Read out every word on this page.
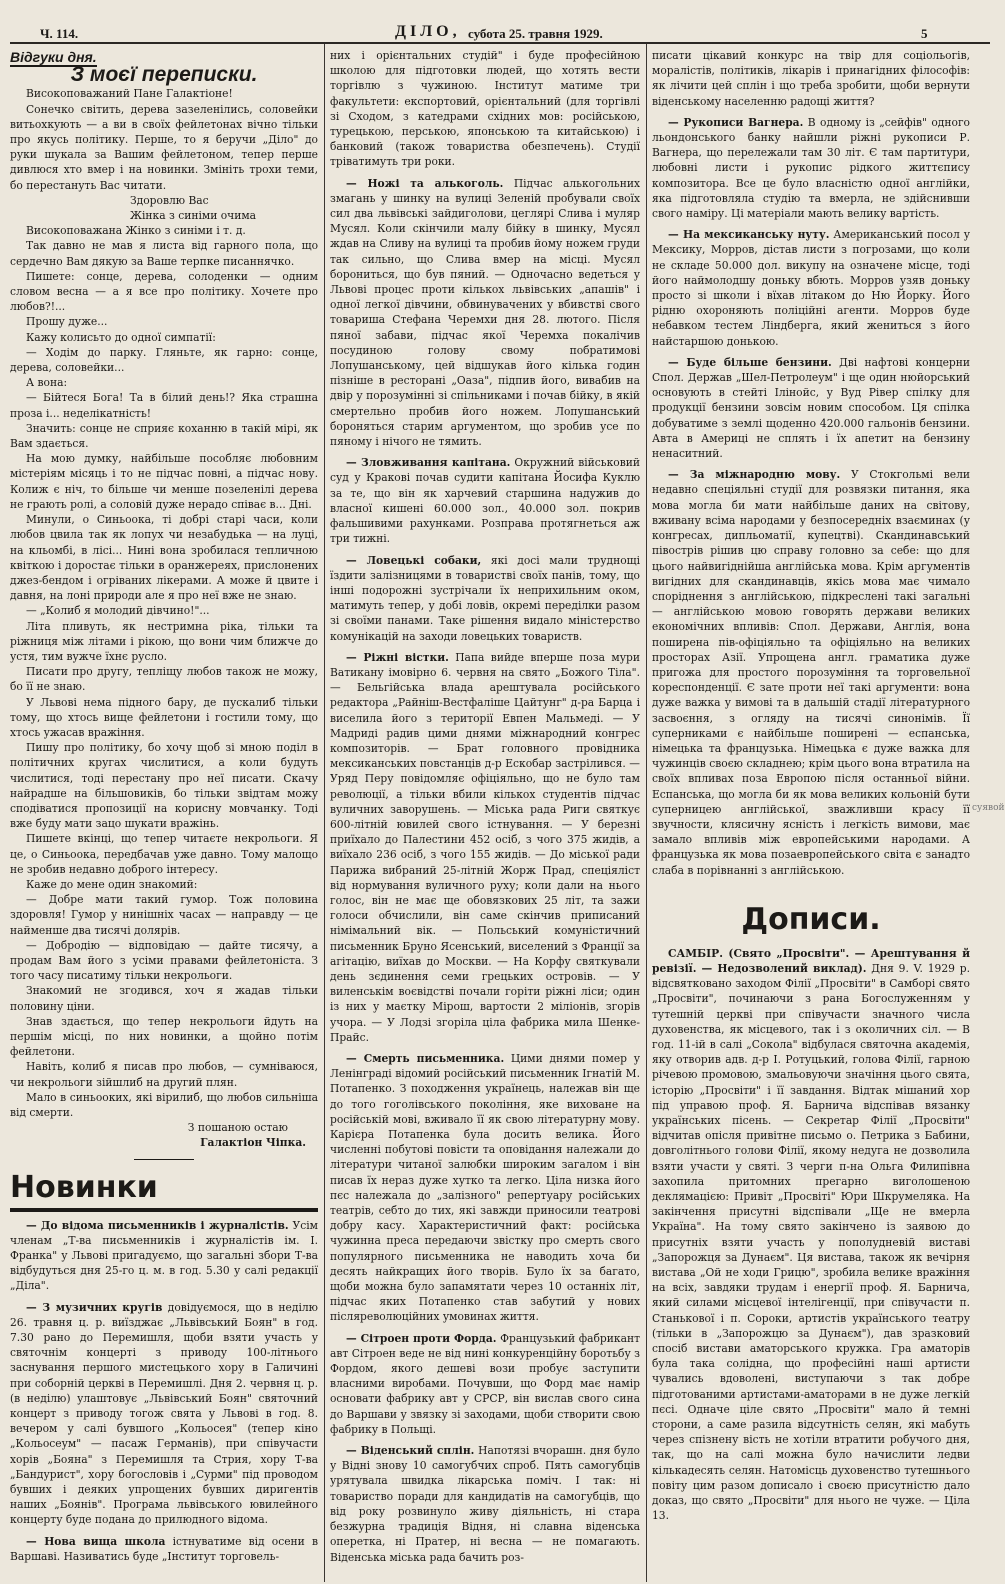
Ч. 114.	ДІЛО, субота 25. травня 1929.	5
Відгуки дня.
З моєї переписки.

Високоповажаний Пане Галактіоне!

Сонечко світить, дерева зазеленілись, соловейки витьохкують — а ви в своїх фейлетонах вічно тільки про якусь політику. Перше, то я беручи „Діло" до руки шукала за Вашим фейлетоном, тепер перше дивлюся хто вмер і на новинки. Змініть трохи теми, бо перестануть Вас читати.

Здоровлю Вас

Жінка з синіми очима

Високоповажана Жінко з синіми і т. д.

Так давно не мав я листа від гарного пола, що сердечно Вам дякую за Ваше терпке писаннячко.

Пишете: сонце, дерева, солоденки — одним словом весна — а я все про політику. Хочете про любов?!...

Прошу дуже...

Кажу колисьто до одної симпатії:

— Ходім до парку. Гляньте, як гарно: сонце, дерева, соловейки...

А вона:

— Бійтеся Бога! Та в білий день!? Яка страшна проза і... неделікатність!

Значить: сонце не сприяє коханню в такій мірі, як Вам здається.

На мою думку, найбільше пособляє любовним містеріям місяць і то не підчас повні, а підчас нову. Колиж є ніч, то більше чи менше позеленілі дерева не грають ролі, а соловій дуже нерадо співає в... Дні.

Минули, о Синьоока, ті добрі старі часи, коли любов цвила так як лопух чи незабудька — на луці, на кльомбі, в лісі... Нині вона зробилася тепличною квіткою і доростає тільки в оранжереях, прислонених джез-бендом і огріваних лікерами. А може й цвите і давня, на лоні природи але я про неї вже не знаю.

— „Колиб я молодий дівчино!"...

Літа пливуть, як нестримна ріка, тільки та ріжниця між літами і рікою, що вони чим ближче до устя, тим вужче їхнє русло.

Писати про другу, тепліщу любов також не можу, бо її не знаю.

У Львові нема підного бару, де пускалиб тільки тому, що хтось вище фейлетони і гостили тому, що хтось ужасав вражіння.

Пишу про політику, бо хочу щоб зі мною поділ в політичних кругах числитися, а коли будуть числитися, тоді перестану про неї писати. Скачу найрадше на більшовиків, бо тільки звідтам можу сподіватися пропозиції на корисну мовчанку. Тоді вже буду мати зацо шукати вражінь.

Пишете вкінці, що тепер читаєте некрольоги. Я це, о Синьоока, передбачав уже давно. Тому малощо не зробив недавно доброго інтересу.

Каже до мене один знакомий:

— Добре мати такий гумор. Тож половина здоровля! Гумор у нинішніх часах — направду — це найменше два тисячі долярів.

— Добродію — відповідаю — дайте тисячу, а продам Вам його з усіми правами фейлетоніста. З того часу писатиму тільки некрольоги.

Знакомий не згодився, хоч я жадав тільки половину ціни.

Знав здається, що тепер некрольоги йдуть на першім місці, по них новинки, а щойно потім фейлетони.

Навіть, колиб я писав про любов, — сумніваюся, чи некрольоги зійшлиб на другий плян.

Мало в синьооких, які вірилиб, що любов сильніша від смерти.

З пошаною остаю

Галактіон Чіпка.

Новинки

— До відома письменників і журналістів. Усім членам „Т-ва письменників і журналістів ім. І. Франка" у Львові пригадуємо, що загальні збори Т-ва відбудуться дня 25-го ц. м. в год. 5.30 у салі редакції „Діла".

— З музичних кругів довідуємося, що в неділю 26. травня ц. р. виїзджає „Львівський Боян" в год. 7.30 рано до Перемишля, щоби взяти участь у святочнім концерті з приводу 100-літнього заснування першого мистецького хору в Галичині при соборній церкві в Перемишлі. Дня 2. червня ц. р. (в неділю) улаштовує „Львівський Боян" святочний концерт з приводу тогож свята у Львові в год. 8. вечером у салі бувшого „Кольосея" (тепер кіно „Кольосеум" — пасаж Германів), при співучасти хорів „Бояна" з Перемишля та Стрия, хору Т-ва „Бандурист", хору богословів і „Сурми" під проводом бувших і деяких упрощених бувших диригентів наших „Боянів". Програма львівського ювилейного концерту буде подана до прилюдного відома.

— Нова вища школа істнуватиме від осени в Варшаві. Називатись буде „Інститут торговель-

них і орієнтальних студій" і буде професійною школою для підготовки людей, що хотять вести торгівлю з чужиною. Інститут матиме три факультети: експортовий, орієнтальний (для торгівлі зі Сходом, з катедрами східних мов: російською, турецькою, перською, японською та китайською) і банковий (також товариства обезпечень). Студії тріватимуть три роки.

— Ножі та алькоголь. Підчас алькогольних змагань у шинку на вулиці Зеленій пробували своїх сил два львівські зайдиголови, цеглярі Слива і муляр Мусял. Коли скінчили малу бійку в шинку, Мусял ждав на Сливу на вулиці та пробив йому ножем груди так сильно, що Слива вмер на місці. Мусял борониться, що був пяний. — Одночасно ведеться у Львові процес проти кількох львівських „апашів" і одної легкої дівчини, обвинувачених у вбивстві свого товариша Стефана Черемхи дня 28. лютого. Після пяної забави, підчас якої Черемха покалічив посудиною голову свому побратимові Лопушанському, цей відшукав його кілька годин пізніше в ресторані „Оаза", підпив його, вивабив на двір у порозумінні зі спільниками і почав бійку, в якій смертельно пробив його ножем. Лопушанський бороняться старим аргументом, що зробив усе по пяному і нічого не тямить.

— Зловживання капітана. Окружний військовий суд у Кракові почав судити капітана Йосифа Куклю за те, що він як харчевий старшина надужив до власної кишені 60.000 зол., 40.000 зол. покрив фальшивими рахунками. Розправа протягнеться аж три тижні.

— Ловецькі собаки, які досі мали труднощі їздити залізницями в товаристві своїх панів, тому, що інші подорожні зустрічали їх неприхильним оком, матимуть тепер, у добі ловів, окремі переділки разом зі своїми панами. Таке рішення видало міністерство комунікацій на заходи ловецьких товариств.

— Ріжні вістки. Папа вийде вперше поза мури Ватикану імовірно 6. червня на свято „Божого Тіла". — Бельгійська влада арештувала російського редактора „Райніш-Вестфаліше Цайтунг" д-ра Барца і виселила його з території Евпен Мальмеді. — У Мадриді радив цими днями міжнародний конгрес композиторів. — Брат головного провідника мексиканських повстанців д-р Ескобар застрілився. — Уряд Перу повідомляє офіціяльно, що не було там революції, а тільки вбили кількох студентів підчас вуличних заворушень. — Міська рада Риги святкує 600-літній ювилей свого істнування. — У березні приїхало до Палестини 452 осіб, з чого 375 жидів, а виїхало 236 осіб, з чого 155 жидів. — До міської ради Парижа вибраний 25-літній Жорж Прад, спеціяліст від нормування вуличного руху; коли дали на нього голос, він не має ще обовязкових 25 літ, та зажи голоси обчислили, він саме скінчив приписаний німімальний вік. — Польський комуністичний письменник Бруно Ясенський, виселений з Франції за агітацію, виїхав до Москви. — На Корфу святкували день зєдинення семи грецьких островів. — У виленськім воєвідстві почали горіти ріжні ліси; один із них у маєтку Мірош, вартости 2 міліонів, згорів учора. — У Лодзі згоріла ціла фабрика мила Шенке-Прайс.

— Смерть письменника. Цими днями помер у Ленінграді відомий російський письменник Ігнатій М. Потапенко. З походження українець, належав він ще до того гоголівського покоління, яке виховане на російській мові, вживало її як свою літературну мову. Карієра Потапенка була досить велика. Його численні побутові повісти та оповідання належали до літератури читаної залюбки широким загалом і він писав їх нераз дуже хутко та легко. Ціла низка його пєс належала до „залізного" репертуару російських театрів, себто до тих, які завжди приносили театрові добру касу. Характеристичний факт: російська чужинна преса передаючи звістку про смерть свого популярного письменника не наводить хоча би десять найкращих його творів. Було їх за багато, щоби можна було запамятати через 10 останніх літ, підчас яких Потапенко став забутий у нових післяреволюційних умовинах життя.

— Сітроен проти Форда. Французький фабрикант авт Сітроен веде не від нині конкуренційну боротьбу з Фордом, якого дешеві вози пробує заступити власними виробами. Почувши, що Форд має намір основати фабрику авт у СРСР, він вислав свого сина до Варшави у звязку зі заходами, щоби створити свою фабрику в Польщі.

— Віденський сплін. Напотязі вчорашн. дня було у Відні знову 10 самогубчих спроб. Пять самогубців урятувала швидка лікарська поміч. І так: ні товариство поради для кандидатів на самогубців, що від року розвинуло живу діяльність, ні стара безжурна традиція Відня, ні славна віденська оперетка, ні Пратер, ні весна — не помагають. Віденська міська рада бачить роз-

писати цікавий конкурс на твір для соціольогів, моралістів, політиків, лікарів і принагідних філософів: як лічити цей сплін і що треба зробити, щоби вернути віденському населенню радощі життя?

— Рукописи Вагнера. В одному із „сейфів" одного льондонського банку найшли ріжні рукописи Р. Вагнера, що перележали там 30 літ. Є там партитури, любовні листи і рукопис рідкого життєпису композитора. Все це було власністю одної англійки, яка підготовляла студію та вмерла, не здійснивши свого наміру. Ці матеріали мають велику вартість.

— На мексиканську нуту. Американський посол у Мексику, Морров, дістав листи з погрозами, що коли не складе 50.000 дол. викупу на означене місце, тоді його наймолодшу доньку вбють. Морров узяв доньку просто зі школи і вїхав літаком до Ню Йорку. Його рідню охороняють поліційні агенти. Морров буде небавком тестем Ліндберга, який жениться з його найстаршою донькою.

— Буде більше бензини. Дві нафтові концерни Спол. Держав „Шел-Петролеум" і ще один нюйорський основують в стейті Ілінойс, у Вуд Рівер спілку для продукції бензини зовсім новим способом. Ця спілка добуватиме з землі щоденно 420.000 гальонів бензини. Авта в Америці не сплять і їх апетит на бензину ненаситний.

— За міжнародню мову. У Стокгольмі вели недавно спеціяльні студії для розвязки питання, яка мова могла би мати найбільше даних на світову, вживану всіма народами у безпосередніх взаєминах (у конгресах, дипльоматії, купецтві). Скандинавський півострів рішив цю справу головно за себе: що для цього найвигіднійша англійська мова. Крім аргументів вигідних для скандинавців, якісь мова має чимало споріднення з англійською, підкреслені такі загальні — англійською мовою говорять держави великих економічних впливів: Спол. Держави, Англія, вона поширена пів-офіціяльно та офіціяльно на великих просторах Азії. Упрощена англ. граматика дуже пригожа для простого порозуміння та торговельної кореспонденції. Є зате проти неї такі аргументи: вона дуже важка у вимові та в дальшій стадії літературного засвоєння, з огляду на тисячі синонімів. Її суперниками є найбільше поширені — еспанська, німецька та французька. Німецька є дуже важка для чужинців своєю складнею; крім цього вона втратила на своїх впливах поза Европою після останньої війни. Еспанська, що могла би як мова великих кольоній бути суперницею англійської, зважливши красу її звучности, клясичну ясність і легкість вимови, має замало впливів між европейськими народами. А французька як мова позаевропейського світа є занадто слаба в порівнанні з англійською.

Дописи.

САМБІР. (Свято „Просвіти". — Арештування й ревізії. — Недозволений виклад). Дня 9. V. 1929 р. відсвятковано заходом Філії „Просвіти" в Самборі свято „Просвіти", починаючи з рана Богослуженням у тутешній церкві при співучасти значного числа духовенства, як місцевого, так і з околичних сіл. — В год. 11-ій в салі „Сокола" відбулася святочна академія, яку отворив адв. д-р І. Ротуцький, голова Філії, гарною річевою промовою, змальовуючи значіння цього свята, історію „Просвіти" і її завдання. Відтак мішаний хор під управою проф. Я. Барнича відспівав вязанку українських пісень. — Секретар Філії „Просвіти" відчитав опісля привітне письмо о. Петрика з Бабини, довголітнього голови Філії, якому недуга не дозволила взяти участи у святі. З черги п-на Ольга Филипівна захопила притомних прегарно виголошеною деклямацією: Привіт „Просвіті" Юри Шкрумеляка. На закінчення присутні відспівали „Ще не вмерла Україна". На тому свято закінчено із заявою до присутніх взяти участь у пополудневій виставі „Запорожця за Дунаєм". Ця вистава, також як вечірня вистава „Ой не ходи Грицю", зробила велике вражіння на всіх, завдяки трудам і енергії проф. Я. Барнича, який силами місцевої інтелігенції, при співучасти п. Станькової і п. Сороки, артистів українського театру (тільки в „Запорожцю за Дунаєм"), дав зразковий спосіб вистави аматорського кружка. Гра аматорів була така солідна, що професійні наші артисти чувались вдоволені, виступаючи з так добре підготованими артистами-аматорами в не дуже легкій пєсі. Одначе ціле свято „Просвіти" мало й темні сторони, а саме разила відсутність селян, які мабуть через спізнену вість не хотіли втратити робучого дня, так, що на салі можна було начислити ледви кількадесять селян. Натомісць духовенство тутешнього повіту цим разом дописало і своєю присутністю дало доказ, що свято „Просвіти" для нього не чуже. — Ціла 13.

суявой
